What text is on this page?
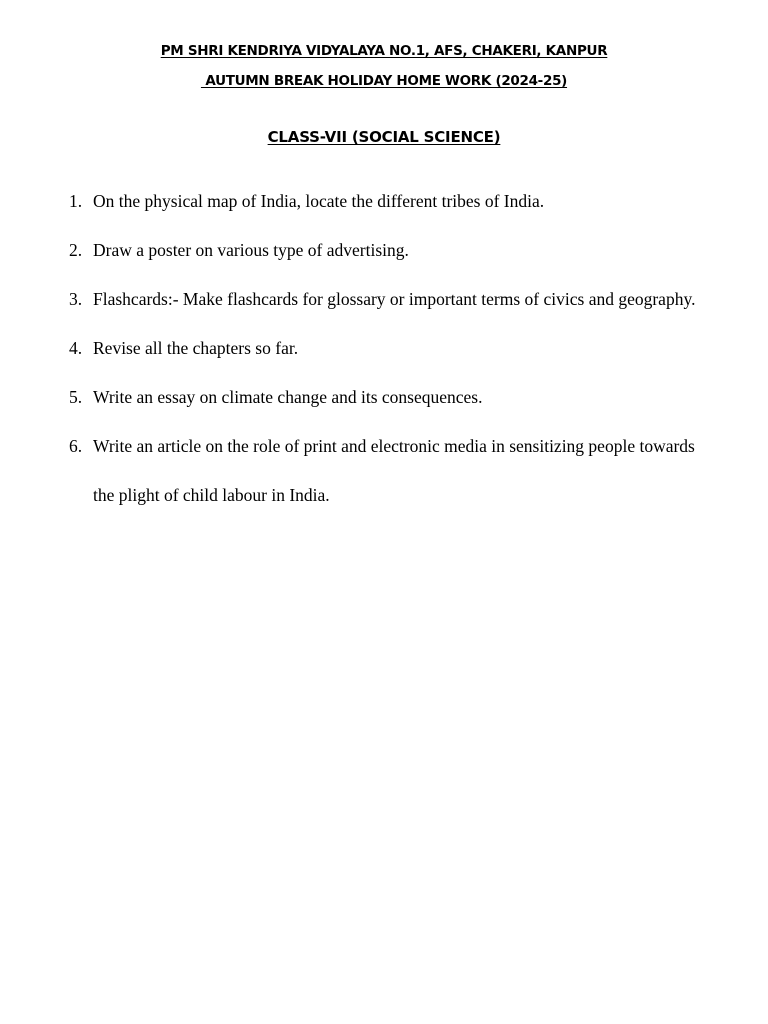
PM SHRI KENDRIYA VIDYALAYA NO.1, AFS, CHAKERI, KANPUR
AUTUMN BREAK HOLIDAY HOME WORK (2024-25)
CLASS-VII (SOCIAL SCIENCE)
1. On the physical map of India, locate the different tribes of India.
2. Draw a poster on various type of advertising.
3. Flashcards:- Make flashcards for glossary or important terms of civics and geography.
4. Revise all the chapters so far.
5. Write an essay on climate change and its consequences.
6. Write an article on the role of print and electronic media in sensitizing people towards
the plight of child labour in India.
